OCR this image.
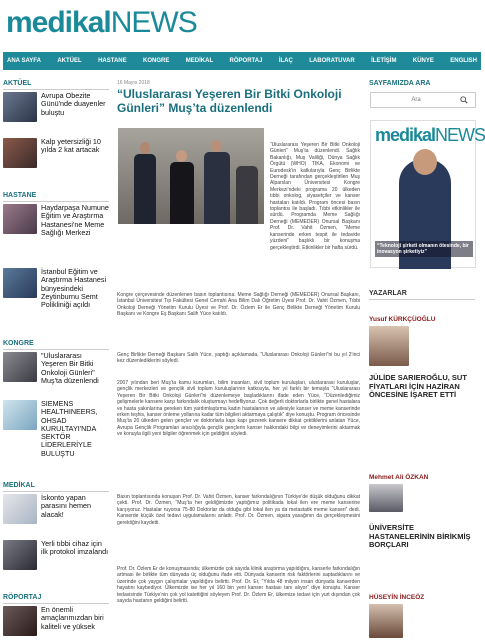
medikal NEWS
ANA SAYFA	AKTÜEL	HASTANE	KONGRE	MEDİKAL	RÖPORTAJ	İLAÇ	LABORATUVAR	İLETİŞİM	KÜNYE	ENGLISH
AKTÜEL
Avrupa Obezite Günü'nde duayenler buluştu
Kalp yetersizliği 10 yılda 2 kat artacak
HASTANE
Haydarpaşa Numune Eğitim ve Araştırma Hastanesi'ne Meme Sağlığı Merkezi
İstanbul Eğitim ve Araştırma Hastanesi bünyesindeki Zeytinburnu Semt Polikliniği açıldı
KONGRE
"Uluslararası Yeşeren Bir Bitki Onkoloji Günleri" Muş'ta düzenlendi
SIEMENS HEALTHINEERS, OHSAD KURULTAYI'NDA SEKTÖR LİDERLERİYLE BULUŞTU
MEDİKAL
İskonto yapan parasını hemen alacak!
Yerli tıbbi cihaz için ilk protokol imzalandı
RÖPORTAJ
En önemli amaçlarımızdan biri kaliteli ve yüksek
16 Mayıs 2018
“Uluslararası Yeşeren Bir Bitki Onkoloji Günleri” Muş’ta düzenlendi
“Uluslararası Yeşeren Bir Bitki Onkoloji Günleri” Muş’ta düzenlendi. Sağlık Bakanlığı, Muş Valiliği, Dünya Sağlık Örgütü (WHO) TIKA, Ekonomi ve Eurodesk’in katkılarıyla Genç Birlikte Derneği tarafından gerçekleştirilen Muş Alparslan Üniversitesi Kongre Merkezi’ndeki programa 20 ülkeden tıbbi onkolog, siyasetçiler ve kanser hastaları katıldı. Program öncesi basın toplantısı ile başladı. Tıbbi etkinlikler ile sürdü. Programda Meme Sağlığı Derneği (MEMEDER) Onursal Başkanı Prof. Dr. Vahit Özmen, “Meme kanserinde erken tespit ile tedavide yüzdeni” başlıklı bir konuşma gerçekleştirdi. Etkinlikler bir hafta sürdü.
Kongre çerçevesinde düzenlenen basın toplantısına: Meme Sağlığı Derneği (MEMEDER) Onursal Başkanı, İstanbul Üniversitesi Tıp Fakültesi Genel Cerrahi Ana Bilim Dalı Öğretim Üyesi Prof. Dr. Vahit Özmen, Tıbbi Onkoloji Derneği Yönetim Kurulu Üyesi ve Prof. Dr. Özlem Er ile Genç Birlikte Derneği Yönetim Kurulu Başkanı ve Kongre Eş Başkanı Salih Yüce katıldı.
Genç Birlikte Derneği Başkanı Salih Yüce, yaptığı açıklamada, “Uluslararası Onkoloji Günleri”ni bu yıl 2’inci kez düzenlediklerini söyledi.
2007 yılından beri Muş’ta kamu kurumları, bilim insanları, sivil toplum kuruluşları, uluslararası kuruluşlar, gençlik merkezleri ve gençlik sivil toplum kuruluşlarının katkısıyla, her yıl farklı bir temayla “Uluslararası Yeşeren Bir Bitki Onkoloji Günleri”ni düzenlemeye başladıklarını ifade eden Yüce, “Düzenlediğimiz gelişmelerle kansere karşı farkındalık oluşturmayı hedefliyoruz. Çok değerli doktorlarla birlikte genel hastalara ve hasta yakınlarına gereken tüm yardımlaştırma kadın hastalarının ve ailesiyle kanser ve meme kanserinde erken teşhis, kanser önleme yollarına kadar tüm bilgileri aktarmaya çalıştık” diye konuştu. Program öncesinde Muş’ta 20 ülkeden gelen gençler ve doktorlarla kapı kapı gezerek kansere dikkat çektiklerini anlatan Yüce, Avrupa Gençlik Programları aracılığıyla gençlik gençlerin kanser hakkındaki bilgi ve deneyimlerini aktarmak ve konuyla ilgili yeni bilgiler öğrenmek için geldiğini söyledi.
Basın toplantısında konuşan Prof. Dr. Vahit Özmen, kanser farkındalığının Türkiye’de düşük olduğunu dikkat çekti. Prof. Dr. Özmen, “Muş’ta her geldiğimizde yaptığımız politikada lokal ilen ere meme kanserine karşıyoruz. Hastalar ruyorsa 75-80 Doktorlar da olduğu gibi lokal ilen ya da metastatik meme kanseri” dedi. Kanserde küçük özel tedavi uygulamalarını anlattı. Prof. Dr. Özmen, sigara yasağının da gerçekleşmesini gerektiğini kaydetti.
Prof. Dr. Özlem Er de konuşmasında; ülkemizde çok sayıda klinik araştırma yapıldığını, kanserle farkındalığın artması ile birlikte tüm dünyada üç olduğunu ifade etti. Dünyada kanserin risk faktörlerini saptadıklarını ve üzerinde çok yaygın çalışmalar yapıldığını belirtti. Prof. Dr. Er, “Yılda 48 milyon insan dünyada kanserden hayatını kaybediyor. Ülkemizde ise her yıl 160 bin yeni kanser hastası tanı alıyor” diye konuştu. Kanser tedavisinde Türkiye’nin çok yol katettiğini söyleyen Prof. Dr. Özlem Er, ülkemize tedavi için yurt dışından çok sayıda hastanın geldiğini belirtti.
SAYFAMIZDA ARA
Ara
medikalNEWS
“Teknoloji şirketi olmanın ötesinde, bir inovasyon şirketiyiz”
YAZARLAR
Yusuf KÜRKÇÜOĞLU
JÜLİDE SARIEROĞLU, SUT FİYATLARI İÇİN HAZİRAN ÖNCESİNE İŞARET ETTİ
Mehmet Ali ÖZKAN
ÜNİVERSİTE HASTANELERİNİN BİRİKMİŞ BORÇLARI
HÜSEYİN İNCEÖZ
